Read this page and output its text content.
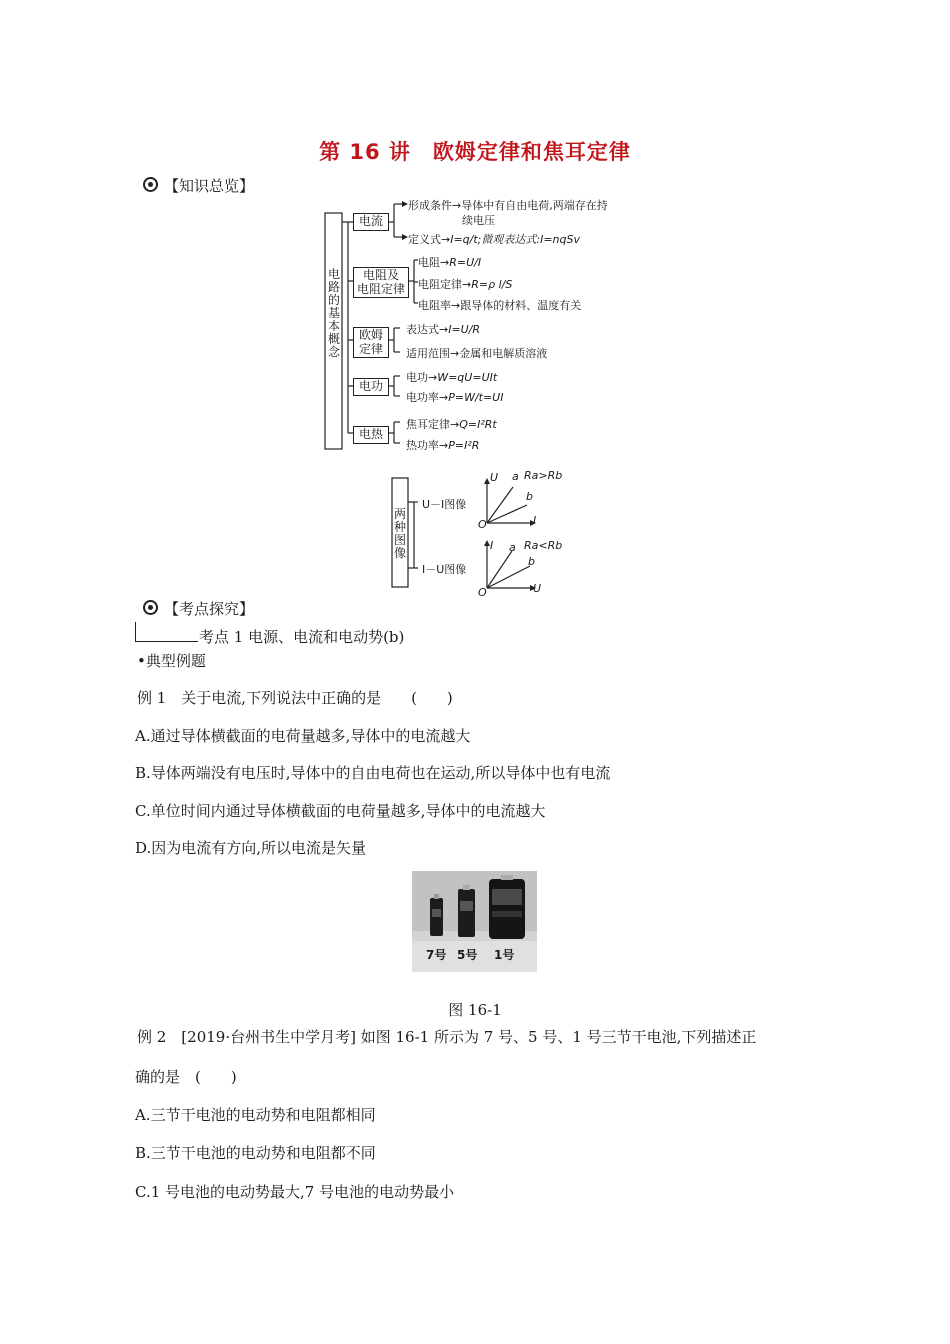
第 16 讲　欧姆定律和焦耳定律
【知识总览】
电路的基本概念
电流
形成条件→导体中有自由电荷,两端存在持
续电压
定义式→I=q/t;微观表达式:I=nqSv
电阻及
电阻定律
电阻→R=U/I
电阻定律→R=ρ l/S
电阻率→跟导体的材料、温度有关
欧姆
定律
表达式→I=U/R
适用范围→金属和电解质溶液
电功
电功→W=qU=UIt
电功率→P=W/t=UI
电热
焦耳定律→Q=I²Rt
热功率→P=I²R
两种图像
U－I图像
I－U图像
U
I
O
a
b
Ra>Rb
I
U
O
a
b
Ra<Rb
【考点探究】
考点 1 电源、电流和电动势(b)
•典型例题
例 1　关于电流,下列说法中正确的是　　(　　)
A.通过导体横截面的电荷量越多,导体中的电流越大
B.导体两端没有电压时,导体中的自由电荷也在运动,所以导体中也有电流
C.单位时间内通过导体横截面的电荷量越多,导体中的电流越大
D.因为电流有方向,所以电流是矢量
7号 5号 1号
图 16-1
例 2　[2019·台州书生中学月考] 如图 16-1 所示为 7 号、5 号、1 号三节干电池,下列描述正
确的是　(　　)
A.三节干电池的电动势和电阻都相同
B.三节干电池的电动势和电阻都不同
C.1 号电池的电动势最大,7 号电池的电动势最小
